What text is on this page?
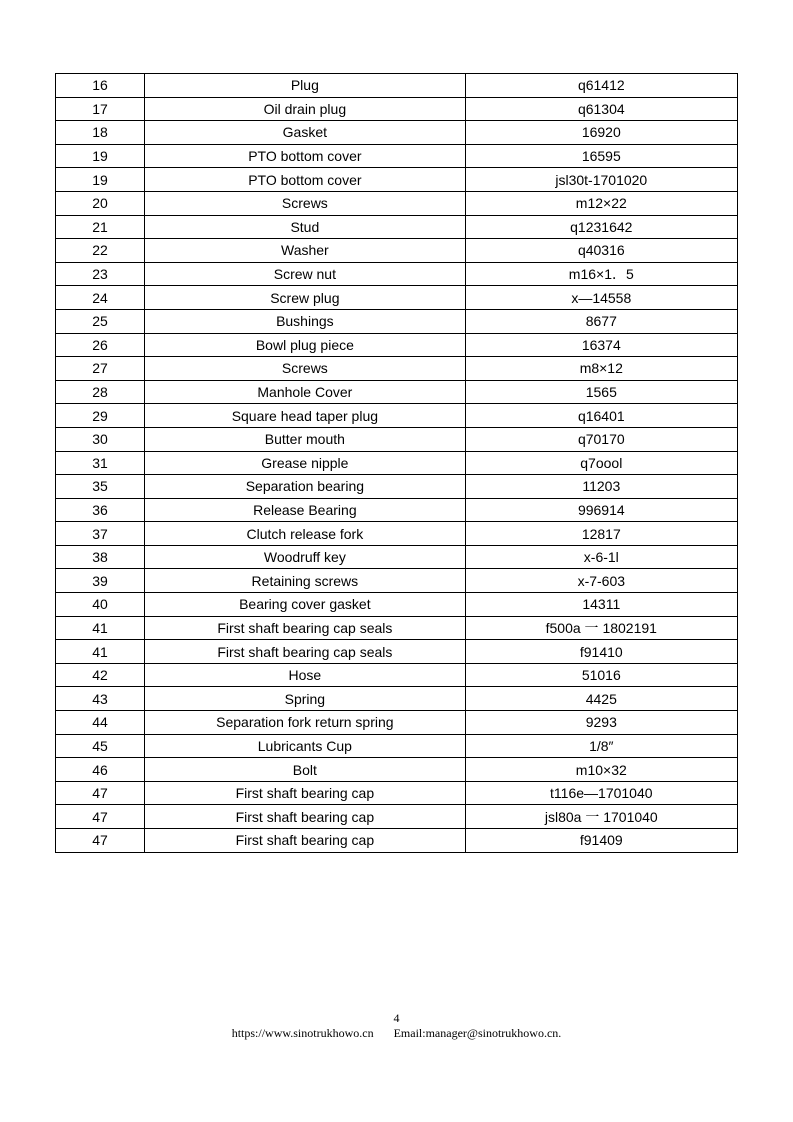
16	Plug	q61412
17	Oil drain plug	q61304
18	Gasket	16920
19	PTO bottom cover	16595
19	PTO bottom cover	jsl30t-1701020
20	Screws	m12×22
21	Stud	q1231642
22	Washer	q40316
23	Screw nut	m16×1．5
24	Screw plug	x—14558
25	Bushings	8677
26	Bowl plug piece	16374
27	Screws	m8×12
28	Manhole Cover	1565
29	Square head taper plug	q16401
30	Butter mouth	q70170
31	Grease nipple	q7oool
35	Separation bearing	11203
36	Release Bearing	996914
37	Clutch release fork	12817
38	Woodruff key	x-6-1l
39	Retaining screws	x-7-603
40	Bearing cover gasket	14311
41	First shaft bearing cap seals	f500a 一 1802191
41	First shaft bearing cap seals	f91410
42	Hose	51016
43	Spring	4425
44	Separation fork return spring	9293
45	Lubricants Cup	1/8″
46	Bolt	m10×32
47	First shaft bearing cap	t116e—1701040
47	First shaft bearing cap	jsl80a 一 1701040
47	First shaft bearing cap	f91409
4
https://www.sinotrukhowo.cn Email:manager@sinotrukhowo.cn.
